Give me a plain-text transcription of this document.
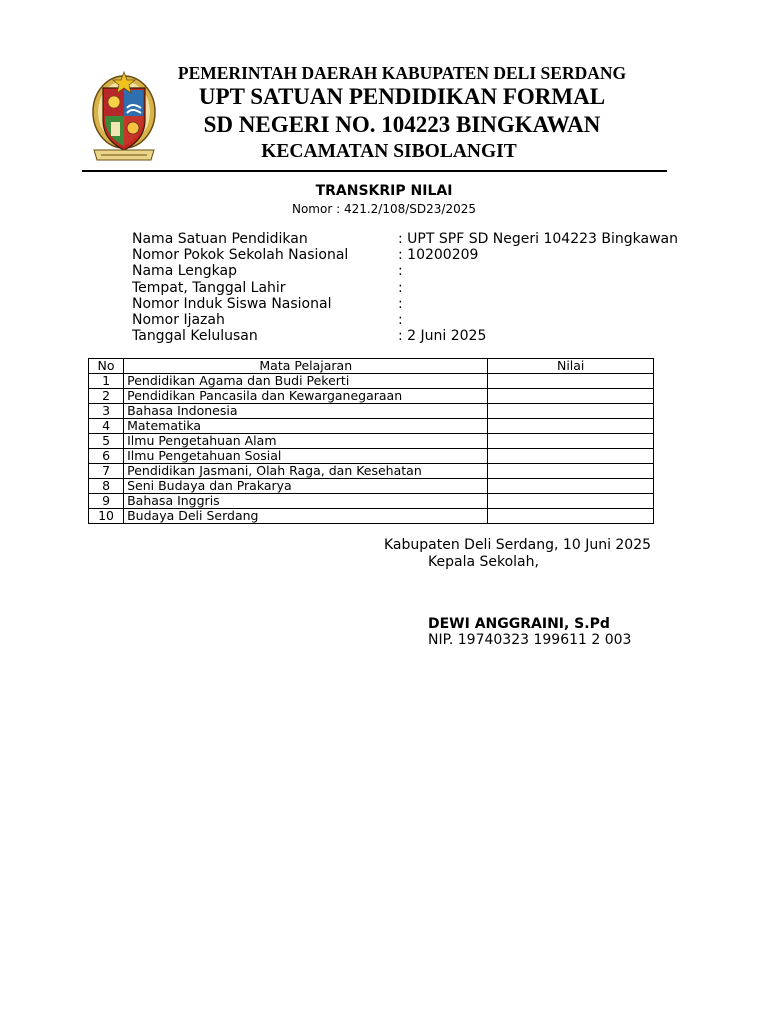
PEMERINTAH DAERAH KABUPATEN DELI SERDANG
UPT SATUAN PENDIDIKAN FORMAL
SD NEGERI NO. 104223 BINGKAWAN
KECAMATAN SIBOLANGIT
TRANSKRIP NILAI
Nomor : 421.2/108/SD23/2025
Nama Satuan Pendidikan	: UPT SPF SD Negeri 104223 Bingkawan
Nomor Pokok Sekolah Nasional	: 10200209
Nama Lengkap	:
Tempat, Tanggal Lahir	:
Nomor Induk Siswa Nasional	:
Nomor Ijazah	:
Tanggal Kelulusan	: 2 Juni 2025
No	Mata Pelajaran	Nilai
1	Pendidikan Agama dan Budi Pekerti	
2	Pendidikan Pancasila dan Kewarganegaraan	
3	Bahasa Indonesia	
4	Matematika	
5	Ilmu Pengetahuan Alam	
6	Ilmu Pengetahuan Sosial	
7	Pendidikan Jasmani, Olah Raga, dan Kesehatan	
8	Seni Budaya dan Prakarya	
9	Bahasa Inggris	
10	Budaya Deli Serdang	
Kabupaten Deli Serdang, 10 Juni 2025
Kepala Sekolah,
DEWI ANGGRAINI, S.Pd
NIP. 19740323 199611 2 003
